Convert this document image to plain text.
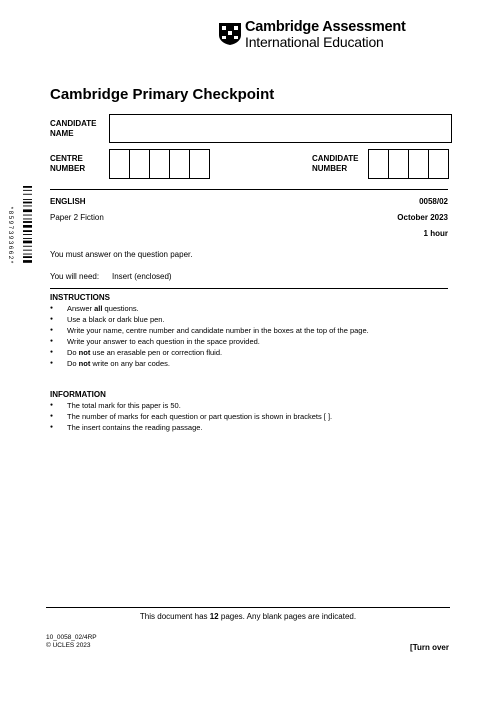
Cambridge Assessment
International Education
Cambridge Primary Checkpoint
CANDIDATE
NAME
CENTRE
NUMBER
CANDIDATE
NUMBER
* 8 5 9 7 3 9 3 6 6 2 *
ENGLISH	0058/02
Paper 2 Fiction	October 2023
1 hour
You must answer on the question paper.
You will need: Insert (enclosed)
INSTRUCTIONS
● Answer all questions.
● Use a black or dark blue pen.
● Write your name, centre number and candidate number in the boxes at the top of the page.
● Write your answer to each question in the space provided.
● Do not use an erasable pen or correction fluid.
● Do not write on any bar codes.
INFORMATION
● The total mark for this paper is 50.
● The number of marks for each question or part question is shown in brackets [ ].
● The insert contains the reading passage.
This document has 12 pages. Any blank pages are indicated.
10_0058_02/4RP
© UCLES 2023	[Turn over
